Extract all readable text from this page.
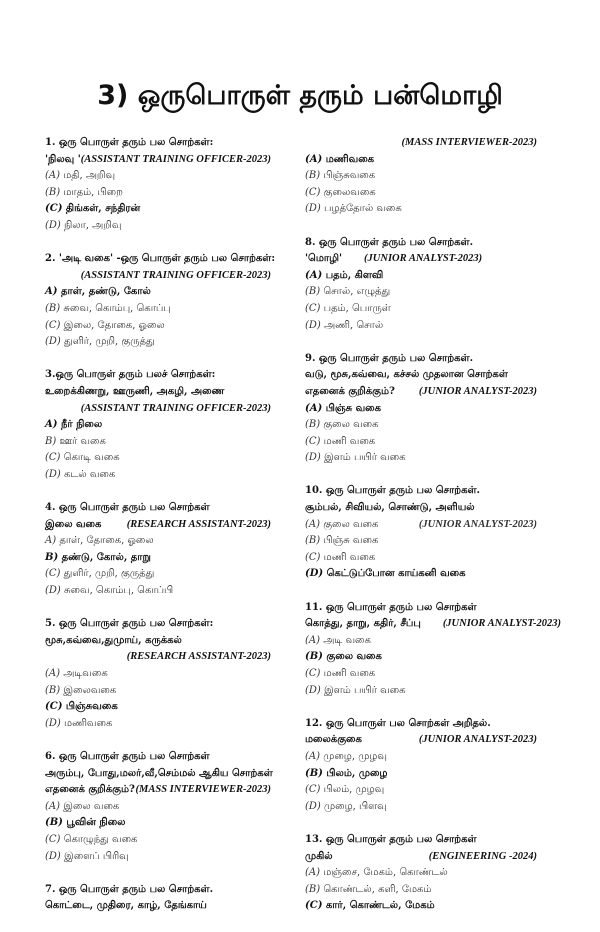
3) ஒருபொருள் தரும் பன்மொழி
1. ஒரு பொருள் தரும் பல சொற்கள்:
'நிலவு ' (ASSISTANT TRAINING OFFICER-2023)
(A) மதி, அறிவு
(B) மாதம், பிறை
(C) திங்கள், சந்திரன்
(D) நிலா, அறிவு
2. 'அடி வகை' -ஒரு பொருள் தரும் பல சொற்கள்:
(ASSISTANT TRAINING OFFICER-2023)
A) தாள், தண்டு, கோல்
(B) சுவை, கொம்பு, கொப்பு
(C) இலை, தோகை, ஓலை
(D) துளிர், முறி, குருத்து
3.ஒரு பொருள் தரும் பலச் சொற்கள்:
உறைக்கிணறு, ஊருணி, அகழி, அணை
(ASSISTANT TRAINING OFFICER-2023)
A) நீர் நிலை
B) ஊர் வகை
(C) கொடி வகை
(D) கடல் வகை
4. ஒரு பொருள் தரும் பல சொற்கள்
இலை வகை (RESEARCH ASSISTANT-2023)
A) தாள், தோகை, ஓலை
B) தண்டு, கோல், தாறு
(C) துளிர், முறி, குருத்து
(D) சுவை, கொம்பு, கொப்பி
5. ஒரு பொருள் தரும் பல சொற்கள்:
மூசு,கவ்வை,துமுாய், கருக்கல்
(RESEARCH ASSISTANT-2023)
(A) அடிவகை
(B) இலைவகை
(C) பிஞ்சுவகை
(D) மணிவகை
6. ஒரு பொருள் தரும் பல சொற்கள்
அரும்பு, போது,மலர்,வீ,செம்மல் ஆகிய சொற்கள்
எதனைக் குறிக்கும்? (MASS INTERVIEWER-2023)
(A) இலை வகை
(B) பூவின் நிலை
(C) கொழுந்து வகை
(D) இளைப் பிரிவு
7. ஒரு பொருள் தரும் பல சொற்கள்.
கொட்டை, முதிரை, காழ், தேங்காய்
(MASS INTERVIEWER-2023)
(A) மணிவகை
(B) பிஞ்சுவகை
(C) குலைவகை
(D) பழத்தோல் வகை
8. ஒரு பொருள் தரும் பல சொற்கள்.
'மொழி' (JUNIOR ANALYST-2023)
(A) பதம், கிளவி
(B) சொல், எழுத்து
(C) பதம், பொருள்
(D) அணி, சொல்
9. ஒரு பொருள் தரும் பல சொற்கள்.
வடு, மூசு,கவ்வை, கச்சல் முதலான சொற்கள்
எதனைக் குறிக்கும்? (JUNIOR ANALYST-2023)
(A) பிஞ்சு வகை
(B) குலை வகை
(C) மணி வகை
(D) இளம் பயிர் வகை
10. ஒரு பொருள் தரும் பல சொற்கள்.
சூம்பல், சிவியல், சொண்டு, அளியல்
(A) குலை வகை	(JUNIOR ANALYST-2023)
(B) பிஞ்சு வகை
(C) மணி வகை
(D) கெட்டுப்போன காய்கனி வகை
11. ஒரு பொருள் தரும் பல சொற்கள்
கொத்து, தாறு, கதிர், சீப்பு (JUNIOR ANALYST-2023)
(A) அடி வகை
(B) குலை வகை
(C) மணி வகை
(D) இளம் பயிர் வகை
12. ஒரு பொருள் பல சொற்கள் அறிதல்.
மலைக்குகை	(JUNIOR ANALYST-2023)
(A) முழை, முழவு
(B) பிலம், முழை
(C) பிலம், முழவு
(D) முழை, பிளவு
13. ஒரு பொருள் தரும் பல சொற்கள்
முகில்	(ENGINEERING -2024)
(A) மஞ்சை, மேகம், கொண்டல்
(B) கொண்டல், களி, மேகம்
(C) கார், கொண்டல், மேகம்
